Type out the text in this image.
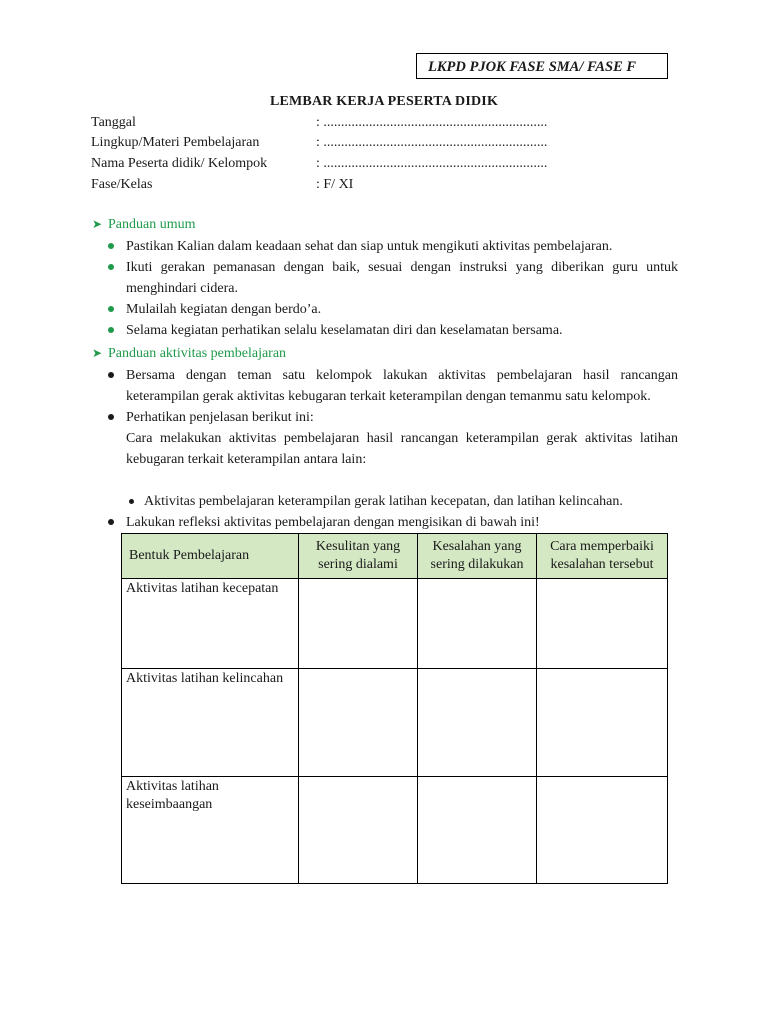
LKPD PJOK FASE SMA/ FASE F
LEMBAR KERJA PESERTA DIDIK
Tanggal	: ................................................................
Lingkup/Materi Pembelajaran	: ................................................................
Nama Peserta didik/ Kelompok	: ................................................................
Fase/Kelas	: F/ XI
➤ Panduan umum
Pastikan Kalian dalam keadaan sehat dan siap untuk mengikuti aktivitas pembelajaran.
Ikuti gerakan pemanasan dengan baik, sesuai dengan instruksi yang diberikan guru untuk menghindari cidera.
Mulailah kegiatan dengan berdo’a.
Selama kegiatan perhatikan selalu keselamatan diri dan keselamatan bersama.
➤ Panduan aktivitas pembelajaran
Bersama dengan teman satu kelompok lakukan aktivitas pembelajaran hasil rancangan keterampilan gerak aktivitas kebugaran terkait keterampilan dengan temanmu satu kelompok.
Perhatikan penjelasan berikut ini:
Cara melakukan aktivitas pembelajaran hasil rancangan keterampilan gerak aktivitas latihan kebugaran terkait keterampilan antara lain:
Aktivitas pembelajaran keterampilan gerak latihan kecepatan, dan latihan kelincahan.
Lakukan refleksi aktivitas pembelajaran dengan mengisikan di bawah ini!
Bentuk Pembelajaran	Kesulitan yang sering dialami	Kesalahan yang sering dilakukan	Cara memperbaiki kesalahan tersebut

Aktivitas latihan kecepatan			

Aktivitas latihan kelincahan			

Aktivitas latihan keseimbaangan			
